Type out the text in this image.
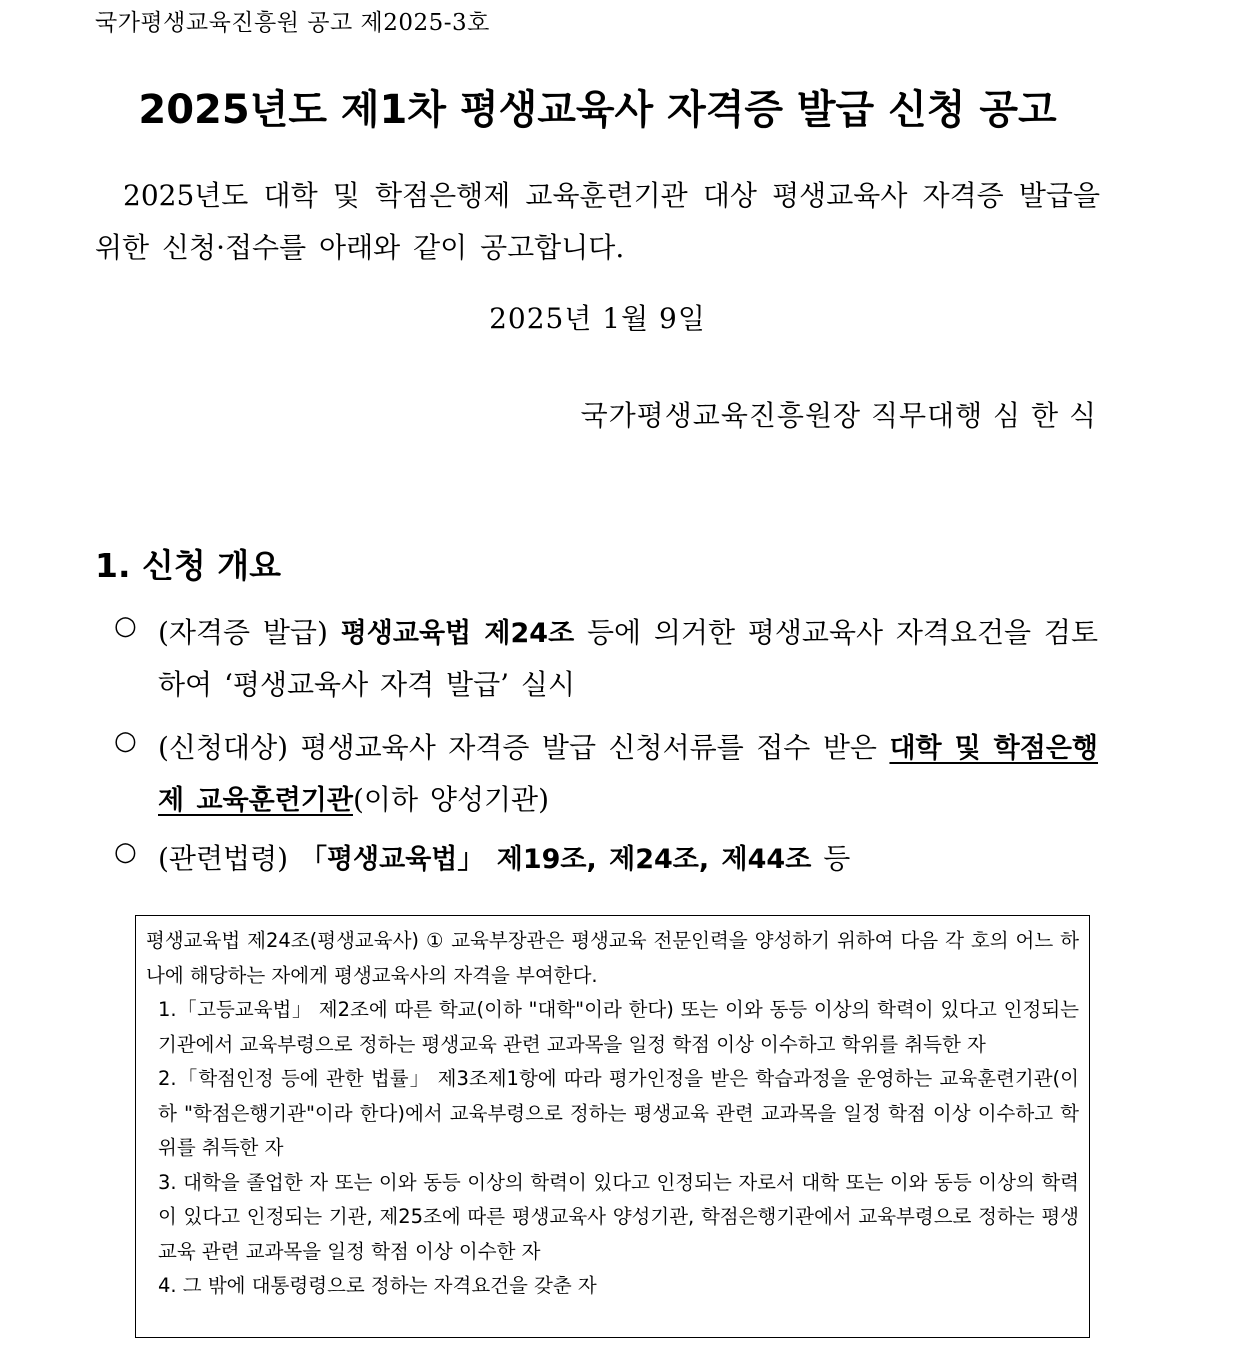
국가평생교육진흥원 공고 제2025-3호
2025년도 제1차 평생교육사 자격증 발급 신청 공고
2025년도 대학 및 학점은행제 교육훈련기관 대상 평생교육사 자격증 발급을 위한 신청·접수를 아래와 같이 공고합니다.
2025년 1월 9일
국가평생교육진흥원장 직무대행 심 한 식
1. 신청 개요
○ (자격증 발급) 평생교육법 제24조 등에 의거한 평생교육사 자격요건을 검토하여 ‘평생교육사 자격 발급’ 실시
○ (신청대상) 평생교육사 자격증 발급 신청서류를 접수 받은 대학 및 학점은행제 교육훈련기관(이하 양성기관)
○ (관련법령) 「평생교육법」 제19조, 제24조, 제44조 등
평생교육법 제24조(평생교육사) ① 교육부장관은 평생교육 전문인력을 양성하기 위하여 다음 각 호의 어느 하나에 해당하는 자에게 평생교육사의 자격을 부여한다.
1.「고등교육법」 제2조에 따른 학교(이하 "대학"이라 한다) 또는 이와 동등 이상의 학력이 있다고 인정되는 기관에서 교육부령으로 정하는 평생교육 관련 교과목을 일정 학점 이상 이수하고 학위를 취득한 자
2.「학점인정 등에 관한 법률」 제3조제1항에 따라 평가인정을 받은 학습과정을 운영하는 교육훈련기관(이하 "학점은행기관"이라 한다)에서 교육부령으로 정하는 평생교육 관련 교과목을 일정 학점 이상 이수하고 학위를 취득한 자
3. 대학을 졸업한 자 또는 이와 동등 이상의 학력이 있다고 인정되는 자로서 대학 또는 이와 동등 이상의 학력이 있다고 인정되는 기관, 제25조에 따른 평생교육사 양성기관, 학점은행기관에서 교육부령으로 정하는 평생교육 관련 교과목을 일정 학점 이상 이수한 자
4. 그 밖에 대통령령으로 정하는 자격요건을 갖춘 자
